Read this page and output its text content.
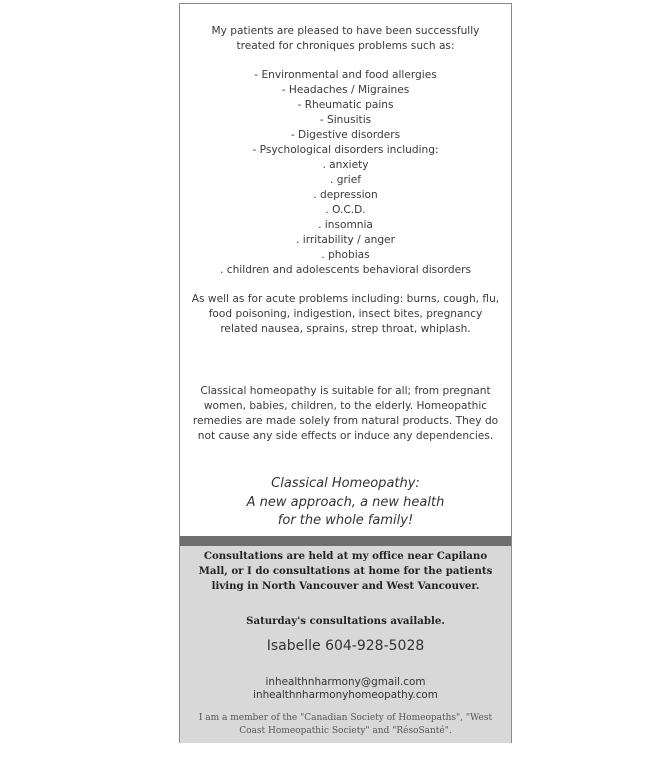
My patients are pleased to have been successfully treated for chroniques problems such as:

- Environmental and food allergies
- Headaches / Migraines
- Rheumatic pains
- Sinusitis
- Digestive disorders
- Psychological disorders including:
. anxiety
. grief
. depression
. O.C.D.
. insomnia
. irritability / anger
. phobias
. children and adolescents behavioral disorders

As well as for acute problems including: burns, cough, flu, food poisoning, indigestion, insect bites, pregnancy related nausea, sprains, strep throat, whiplash.

Classical homeopathy is suitable for all; from pregnant women, babies, children, to the elderly. Homeopathic remedies are made solely from natural products. They do not cause any side effects or induce any dependencies.

Classical Homeopathy:
A new approach, a new health
for the whole family!
Consultations are held at my office near Capilano Mall, or I do consultations at home for the patients living in North Vancouver and West Vancouver.
Saturday's consultations available.
Isabelle 604-928-5028
inhealthnharmony@gmail.com
inhealthnharmonyhomeopathy.com
I am a member of the "Canadian Society of Homeopaths", "West Coast Homeopathic Society" and "RésoSanté".
